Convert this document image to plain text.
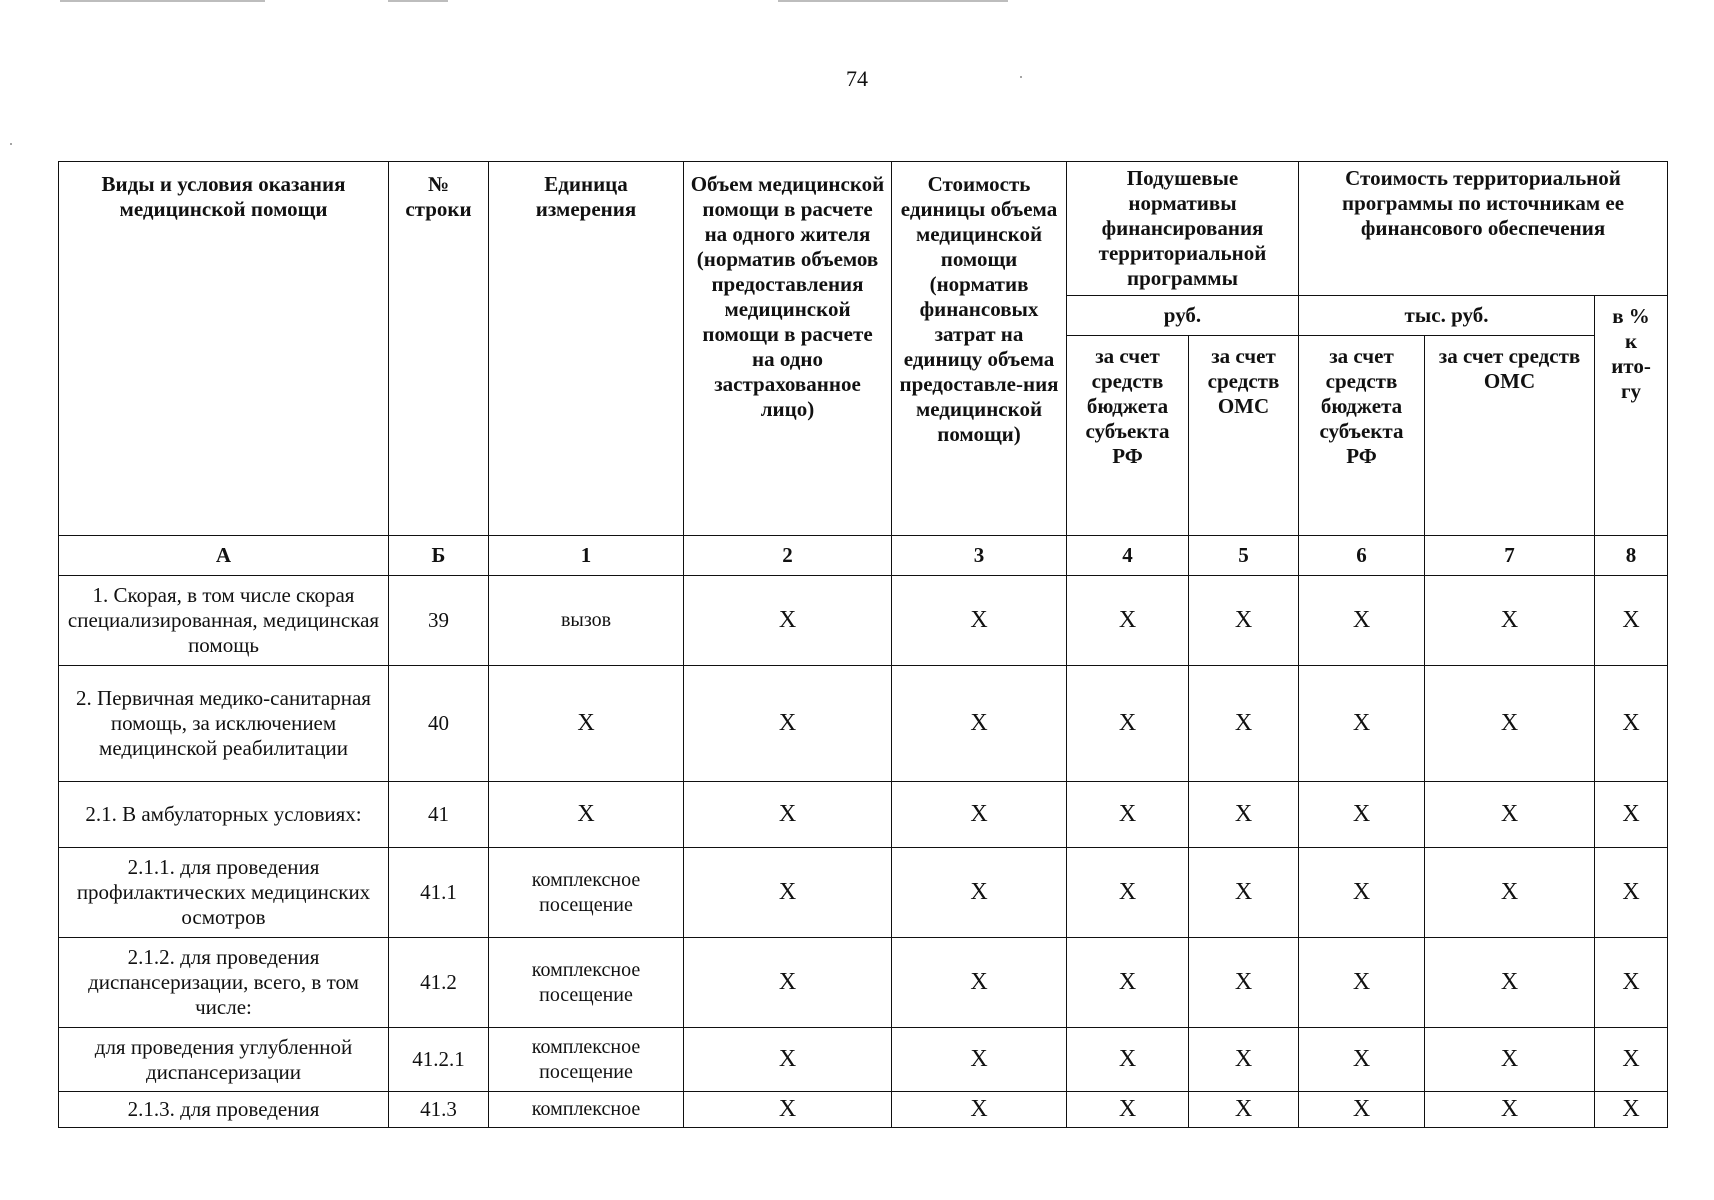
74
Виды и условия оказания медицинской помощи	№ строки	Единица измерения	Объем медицинской помощи в расчете на одного жителя (норматив объемов предоставления медицинской помощи в расчете на одно застрахованное лицо)	Стоимость единицы объема медицинской помощи (норматив финансовых затрат на единицу объема предоставле-ния медицинской помощи)	Подушевые нормативы финансирования территориальной программы		Стоимость территориальной программы по источникам ее финансового обеспечения		
					руб.		тыс. руб.		в % к ито-гу
					за счет средств бюджета субъекта РФ	за счет средств ОМС	за счет средств бюджета субъекта РФ	за счет средств ОМС	
А	Б	1	2	3	4	5	6	7	8
1. Скорая, в том числе скорая специализированная, медицинская помощь	39	вызов	Х	Х	Х	Х	Х	Х	Х
2. Первичная медико-санитарная помощь, за исключением медицинской реабилитации	40	Х	Х	Х	Х	Х	Х	Х	Х
2.1. В амбулаторных условиях:	41	Х	Х	Х	Х	Х	Х	Х	Х
2.1.1. для проведения профилактических медицинских осмотров	41.1	комплексное посещение	Х	Х	Х	Х	Х	Х	Х
2.1.2. для проведения диспансеризации, всего, в том числе:	41.2	комплексное посещение	Х	Х	Х	Х	Х	Х	Х
для проведения углубленной диспансеризации	41.2.1	комплексное посещение	Х	Х	Х	Х	Х	Х	Х
2.1.3. для проведения	41.3	комплексное	Х	Х	Х	Х	Х	Х	Х
